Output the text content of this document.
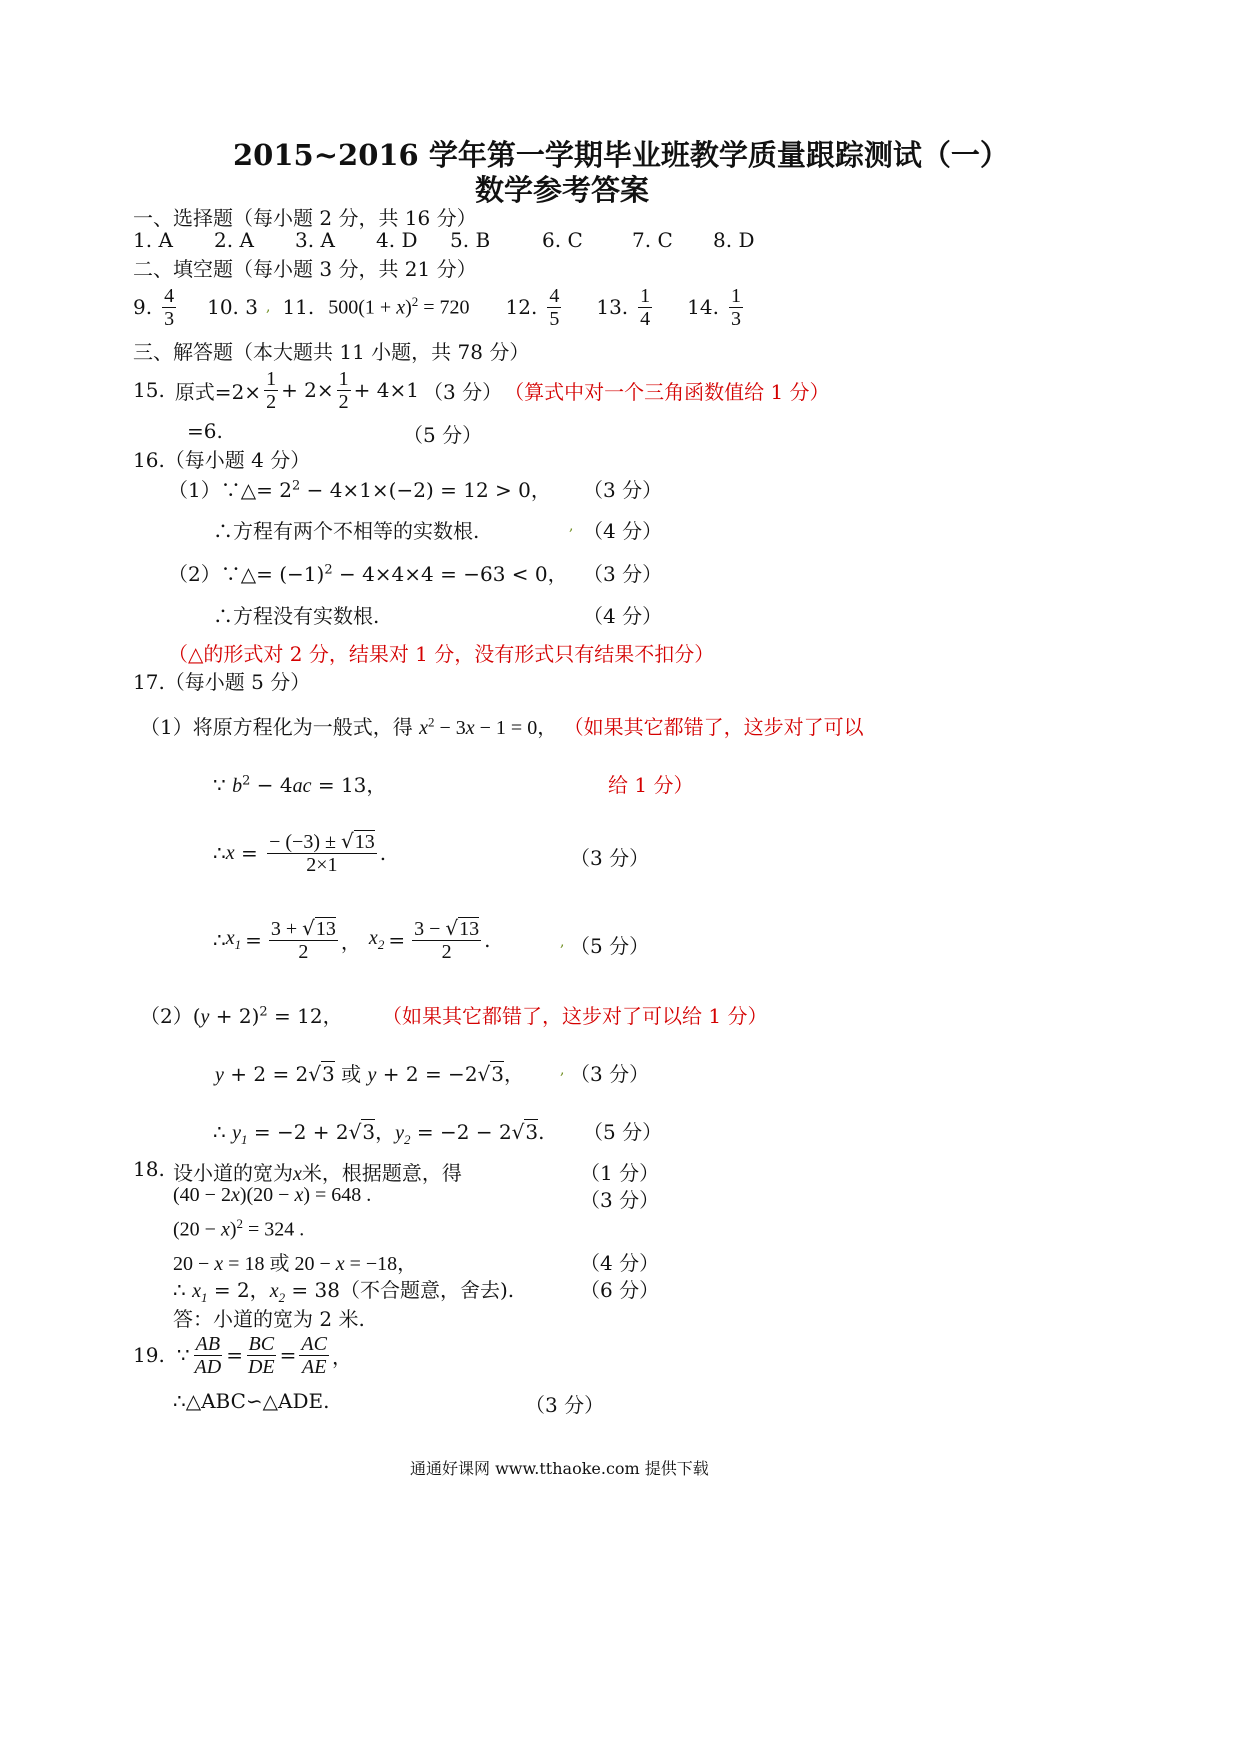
2015~2016 学年第一学期毕业班教学质量跟踪测试（一）
数学参考答案
一、选择题（每小题 2 分，共 16 分）
1. A 2. A 3. A 4. D 5. B	6. C 7. C 8. D
二、填空题（每小题 3 分，共 21 分）
9. $\frac{4}{3} 10$. 3 , 11. $500(1 + x)^2 = 720$ 12. $\frac{4}{5} 13$. $\frac{1}{4} 14$. $\frac{1}{3}$
三、解答题（本大题共 11 小题，共 78 分）
15. 原式$=2\times \frac{1}{2} + 2\times \frac{1}{2} + 4\times 1$ （3 分） （算式中对一个三角函数值给 1 分）
=6.	（5 分）
16.（每小题 4 分）
（1）∵△= $2^2 - 4\times 1\times(-2) = 12 > 0$， （3 分）
∴方程有两个不相等的实数根.	, （4 分）
（2）∵△= $(-1)^2 - 4\times 4\times 4 = -63 < 0$， （3 分）
∴方程没有实数根.	（4 分）
（△的形式对 2 分，结果对 1 分，没有形式只有结果不扣分）
17.（每小题 5 分）
（1）将原方程化为一般式，得 $x^2 - 3x - 1 = 0$， （如果其它都错了，这步对了可以
∵ $b^2 - 4ac = 13$，	给 1 分）
∴ $x = \frac{- (-3) \pm √13}{2\times 1}$ .	（3 分）
∴ $x_1 = \frac{3 + √13}{2}$ ， $x_2 = \frac{3 - √13}{2}$ .	, （5 分）
$(2)(y + 2)^2 = 12$， （如果其它都错了，这步对了可以给 1 分）
y + 2 = 2√3 或 y + 2 = −2√3，	, （3 分）
∴ $y_1 = -2 + 2√3$，$y_2 = -2 - 2√3$. （5 分）
18. 设小道的宽为x米，根据题意，得	（1 分）
(40 − 2x)(20 − x) = 648 .	（3 分）
$(20 - x)^2 = 324$ .
20 − x = 18 或 20 − x = −18，	（4 分）
∴ $x_1 = 2$，$x_2 = 38$（不合题意，舍去).	（6 分）
答：小道的宽为 2 米.
19. ∵ $\frac{AB}{AD} = \frac{BC}{DE} = \frac{AC}{AE}$ ，
∴△ABC∽△ADE.	（3 分）
通通好课网 www.tthaoke.com 提供下载
